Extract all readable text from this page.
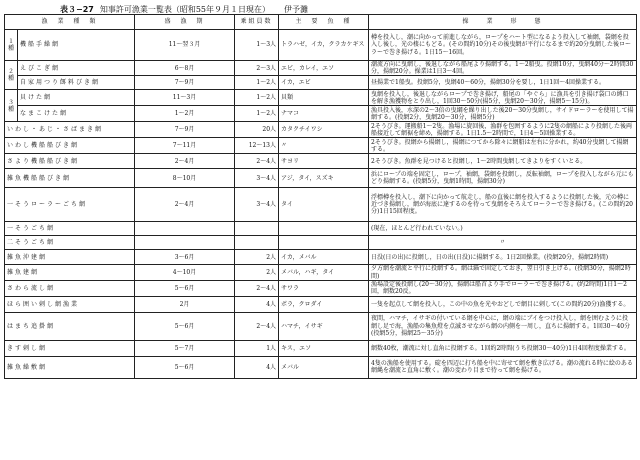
表３−27 知事許可漁業一覧表（昭和55年９月１日現在） 伊予灘
漁　業　種　類		盛　漁　期	乗組員数	主　要　魚　種	操　　業　　形　　態
１種	機船手繰網	11〜翌３月	1〜3人	トラハゼ，イカ，クラカケギス	樽を投入し，潮に向かって前進しながら，ロープをハート型になるよう投入して袖網，袋網を投入し後し，光の棲にもどる。(その間約10分)その後曳網が平行になるまで約20分曳網した後ローラーで巻き揚げる。1日15〜16回。
２種	えびこぎ網	6〜8月	2〜3人	エビ，カレイ，エソ	潮流方向に曳網し，後退しながら船尾より揚網する。1〜2船曳。投網10分，曳網40分〜2時間30分，揚網20分。操業は1日3〜4回。
	自家用つり餌料びき網	7〜9月	1〜2人	イカ，エビ	昼揚業で1船曳。投網5分，曳網40〜60分，揚網30分を要し，1日1回〜4回操業する。
３種	貝けた網	11〜3月	1〜2人	貝類	曳網を投入し，後退しながらロープで巻き揚げ，船尾の「やぐら」に漁具を引き揚げ袋口の縛口を解き漁獲物をとり出し，1回30〜50分(揚5分，曳網20〜30分，揚網5〜15分)。
	なまこけた網	1〜2月	1〜2人	ナマコ	漁具投入後，水深の2〜3倍の曳綱を繰り出した後20〜30分曳網し，サイドローラーを使用して揚網する。(投網2分，曳網20〜30分，揚網5分)
いわし・あじ・さばまき網		7〜9月	20人	カタクチイワシ	2そうびき。運搬船1〜2隻。漁場に旋回後，漁群を包囲するように2隻の網船により投網した後両船接近して網裾を締め，揚網する。1日1.5〜2時間で，1日4〜5回操業する。
いわし機船船びき網		7〜11月	12〜13人	〃	2そうびき。投網から揚網し，揚網につてから除々に網船は左右に分かれ，約40分曳網して揚網する。
さより機船船びき網		2〜4月	2〜4人	サヨリ	2そうびき。魚群を見つけると投網し，1〜2時間曳網してきよりをすくいとる。
雑魚機船船びき網		8〜10月	3〜4人	アジ，タイ，スズキ	浜にロープの端を固定し，ロープ，袖網，袋網を投網し，反転袖網，ロープを投入しながら元にもどり揚網する。(投網5分，曳網1時間，揚網30分)
一そうローラーごち網		2〜4月	3〜4人	タイ	浮標樽を投入し，潮下に向かって航走し，船の直後に網を投入するように投網した後，元の樽に近づき揚網し，網が海底に達するのを待って曳網をそろえてローラーで巻き揚げる。(この間約20分)1日15回程度。
一そうごち網					(現在，ほとんど行われていない。)
二そうごち網					〃
雑魚沖建網		3〜6月	2人	イカ，メバル	日没(日の出)に投網し，日の出(日没)に揚網する。1日2回操業。(投網20分，揚網2時間)
雑魚建網		4〜10月	2人	メバル，ハギ，タイ	夕方網を潮流と平行に投網する。網は錨で固定しておき，翌日引き上げる。(投網30分，揚網2時間)
さわら流し網		5〜6月	2〜4人	サワラ	漁場設定後投網し(20〜30分)，揚網は船首より手でローラーで巻き揚げる。(約2時間)1日1〜2回，網数20反。
ほら囲い刺し網漁業		2月	4人	ボラ，クロダイ	一隻を起点して網を投入し，この中の魚を光やおどしで網目に刺して(この間約20分)漁獲する。
はまち追掛網		5〜6月	2〜4人	ハマチ，イサギ	夜間，ハマチ，イサギの付いている網を中心に，網の端にブイをつけ投入し，網を囲むように投網し足で海，漁船の集魚燈を点滅させながら網の内側を一周し，直ちに揚網する。1回30〜40分(投網5分，揚網25〜35分)
きす刺し網		5〜7月	1人	キス，エソ	網数40枚，潮流に対し直角に投網する。1回約2時間(うち投網30〜40分)1日4回程度操業する。
雑魚繰敷網		5〜6月	4人	メバル	4隻の漁船を使用する。碇を四辺に打ち船を中に寄せて網を敷き広げる。潮の流れる時に絵のある網縄を潮流と直角に敷く。潮の変わり目まで待って網を揚げる。
